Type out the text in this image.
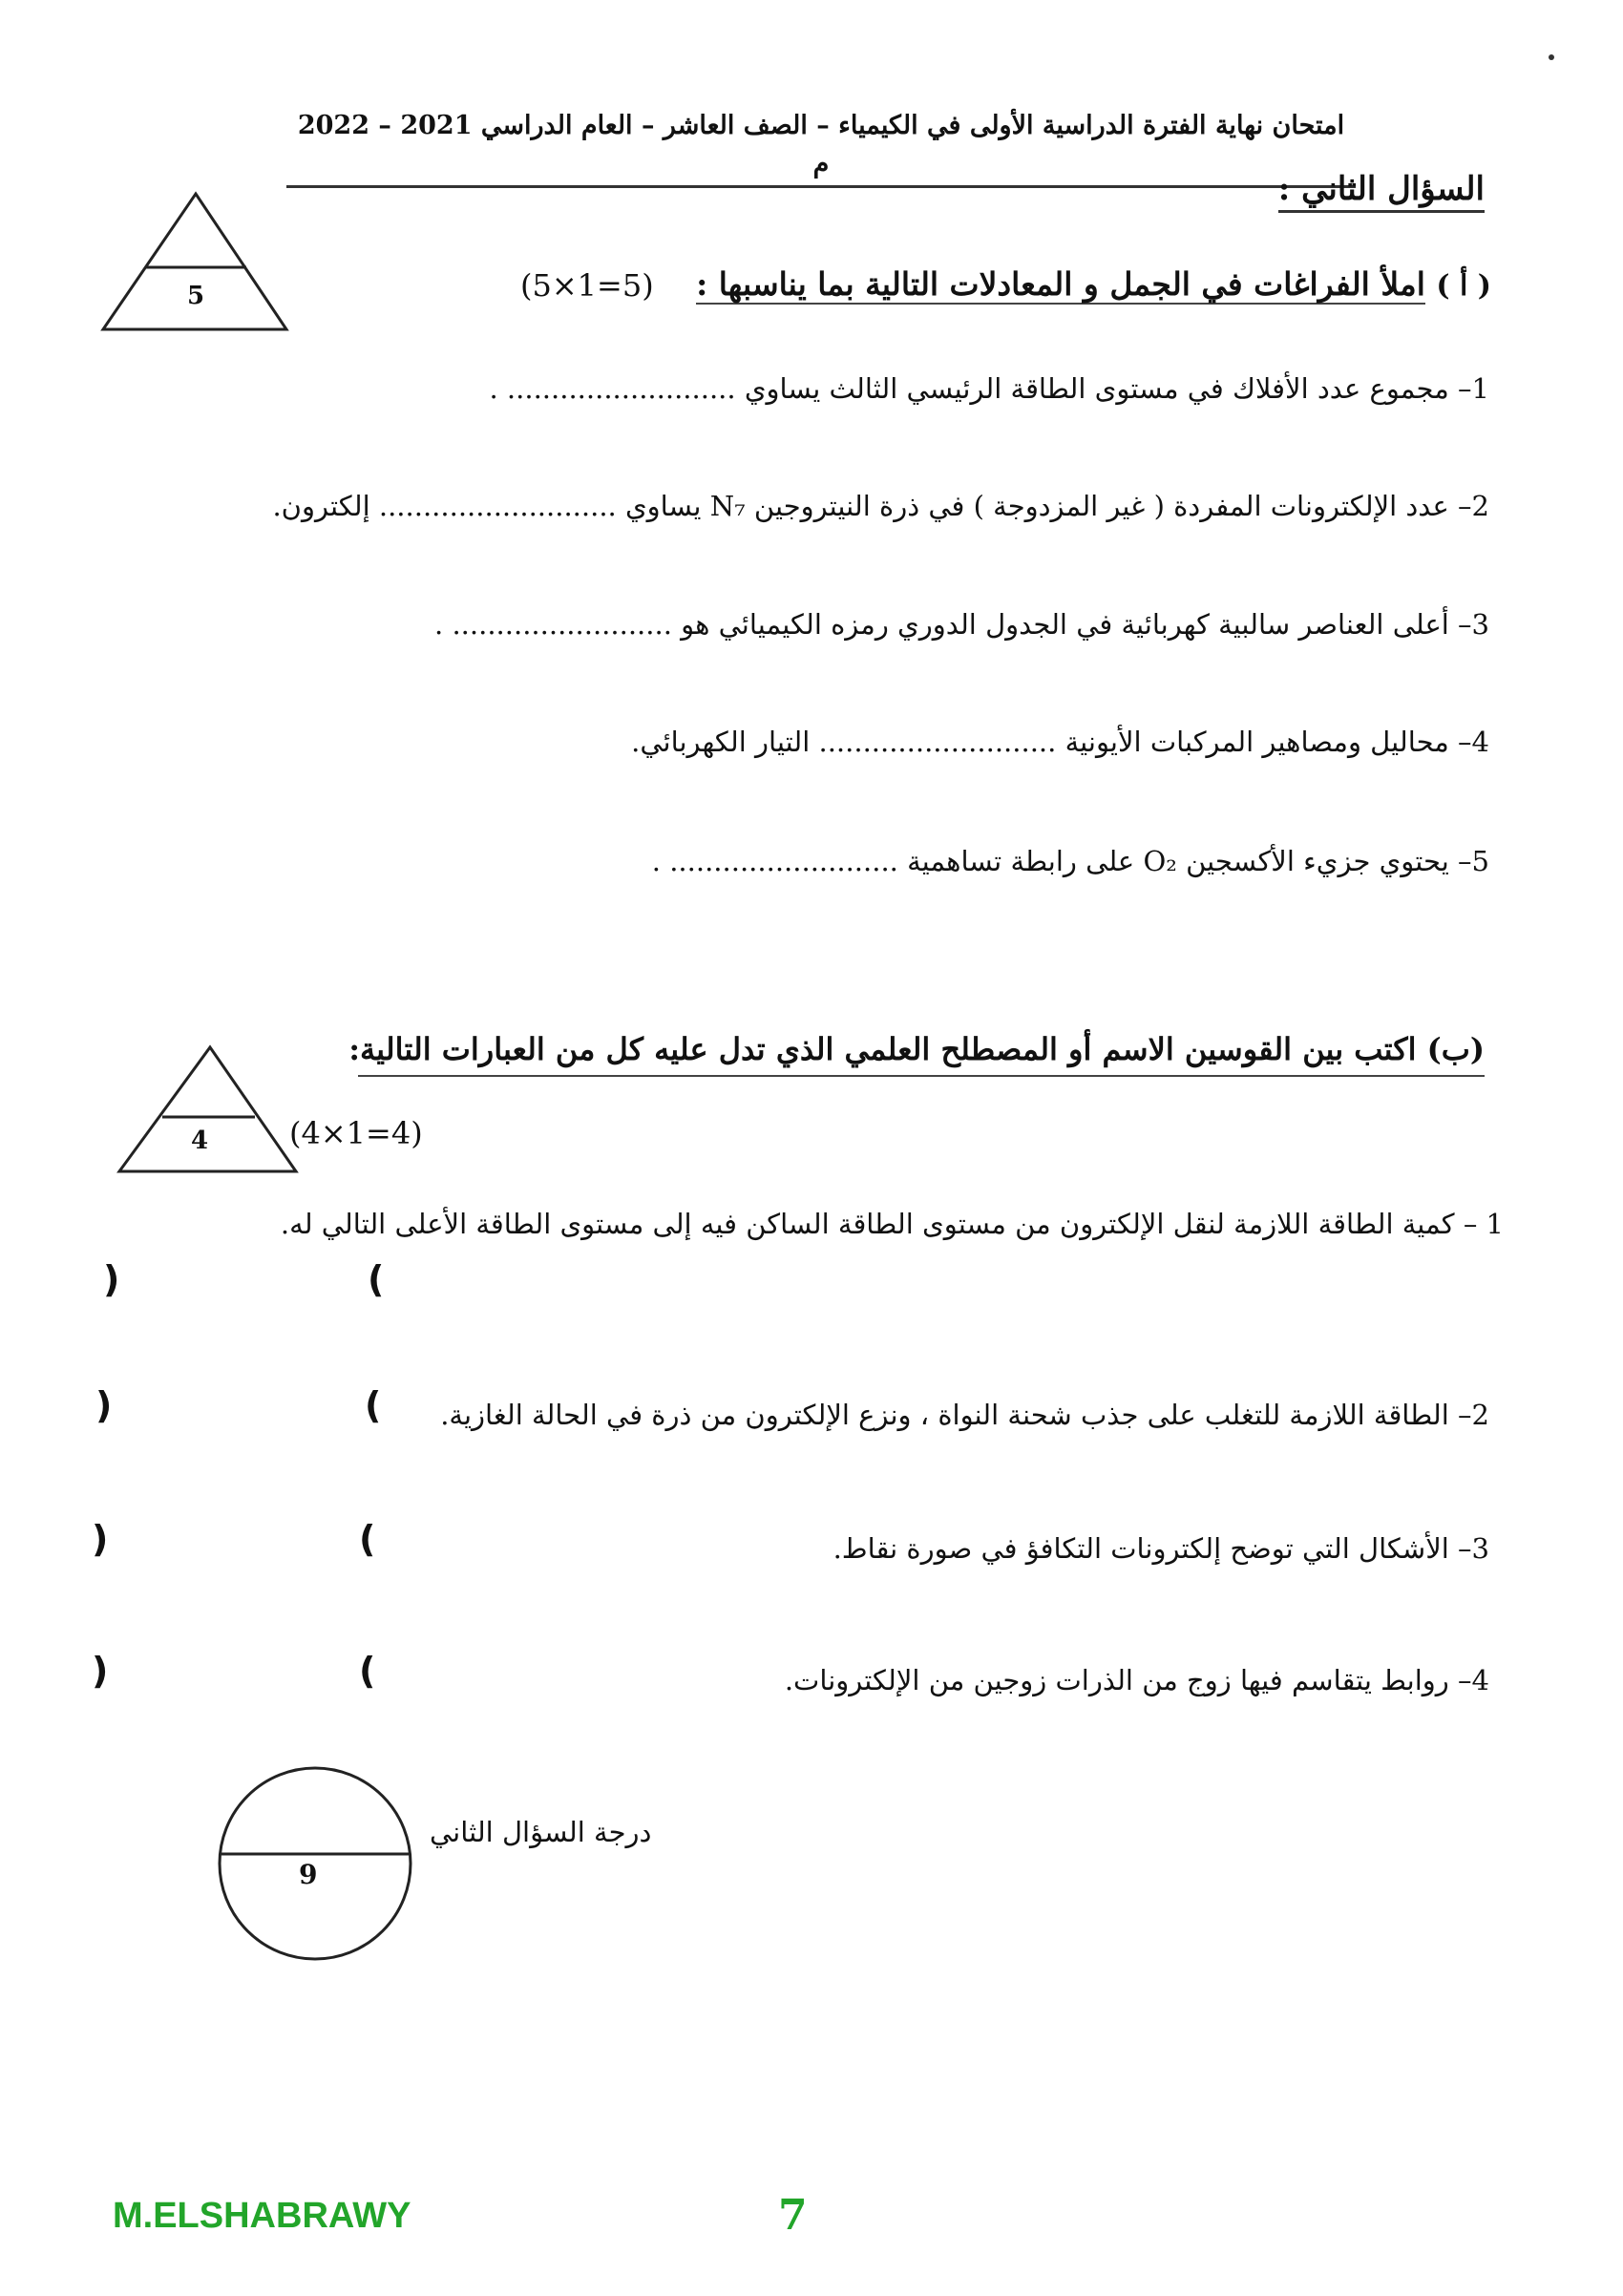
امتحان نهاية الفترة الدراسية الأولى في الكيمياء – الصف العاشر – العام الدراسي 2021 – 2022 م
السؤال الثاني :
5	(5×1=5)	( أ ) املأ الفراغات في الجمل و المعادلات التالية بما يناسبها :
1– مجموع عدد الأفلاك في مستوى الطاقة الرئيسي الثالث يساوي .......................... .
2– عدد الإلكترونات المفردة ( غير المزدوجة ) في ذرة النيتروجين N₇ يساوي ........................... إلكترون.
3– أعلى العناصر سالبية كهربائية في الجدول الدوري رمزه الكيميائي هو ......................... .
4– محاليل ومصاهير المركبات الأيونية ........................... التيار الكهربائي.
5– يحتوي جزيء الأكسجين O₂ على رابطة تساهمية .......................... .
4
(ب) اكتب بين القوسين الاسم أو المصطلح العلمي الذي تدل عليه كل من العبارات التالية:
(4×1=4)
1 – كمية الطاقة اللازمة لنقل الإلكترون من مستوى الطاقة الساكن فيه إلى مستوى الطاقة الأعلى التالي له.
(
)
2– الطاقة اللازمة للتغلب على جذب شحنة النواة ، ونزع الإلكترون من ذرة في الحالة الغازية.
(
)
3– الأشكال التي توضح إلكترونات التكافؤ في صورة نقاط.
(
)
4– روابط يتقاسم فيها زوج من الذرات زوجين من الإلكترونات.
(
)
9
درجة السؤال الثاني
M.ELSHABRAWY	7
